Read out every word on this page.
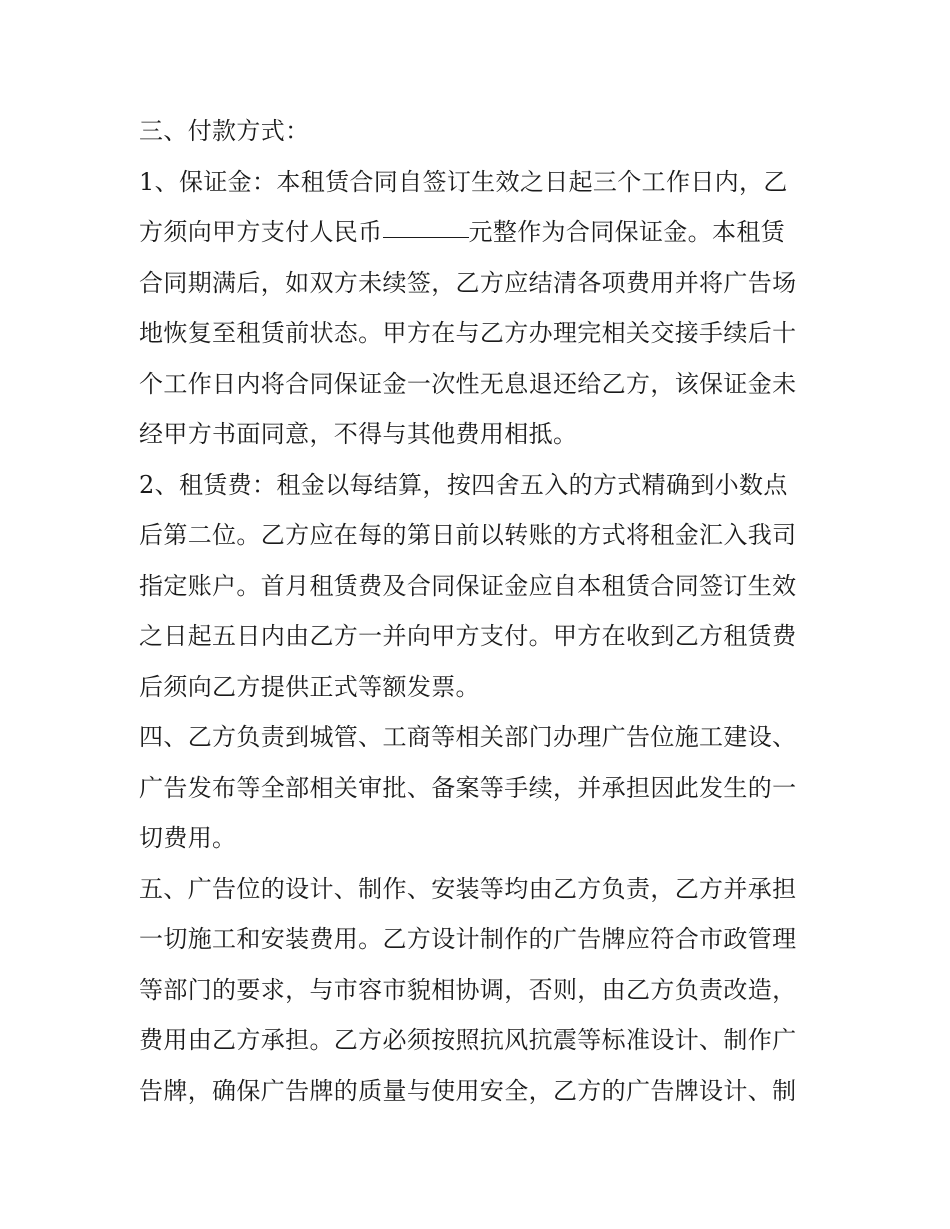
三、付款方式：
1、保证金：本租赁合同自签订生效之日起三个工作日内，乙
方须向甲方支付人民币	元整作为合同保证金。本租赁
合同期满后，如双方未续签，乙方应结清各项费用并将广告场
地恢复至租赁前状态。甲方在与乙方办理完相关交接手续后十
个工作日内将合同保证金一次性无息退还给乙方，该保证金未
经甲方书面同意，不得与其他费用相抵。
2、租赁费：租金以每结算，按四舍五入的方式精确到小数点
后第二位。乙方应在每的第日前以转账的方式将租金汇入我司
指定账户。首月租赁费及合同保证金应自本租赁合同签订生效
之日起五日内由乙方一并向甲方支付。甲方在收到乙方租赁费
后须向乙方提供正式等额发票。
四、乙方负责到城管、工商等相关部门办理广告位施工建设、
广告发布等全部相关审批、备案等手续，并承担因此发生的一
切费用。
五、广告位的设计、制作、安装等均由乙方负责，乙方并承担
一切施工和安装费用。乙方设计制作的广告牌应符合市政管理
等部门的要求，与市容市貌相协调，否则，由乙方负责改造，
费用由乙方承担。乙方必须按照抗风抗震等标准设计、制作广
告牌，确保广告牌的质量与使用安全，乙方的广告牌设计、制
